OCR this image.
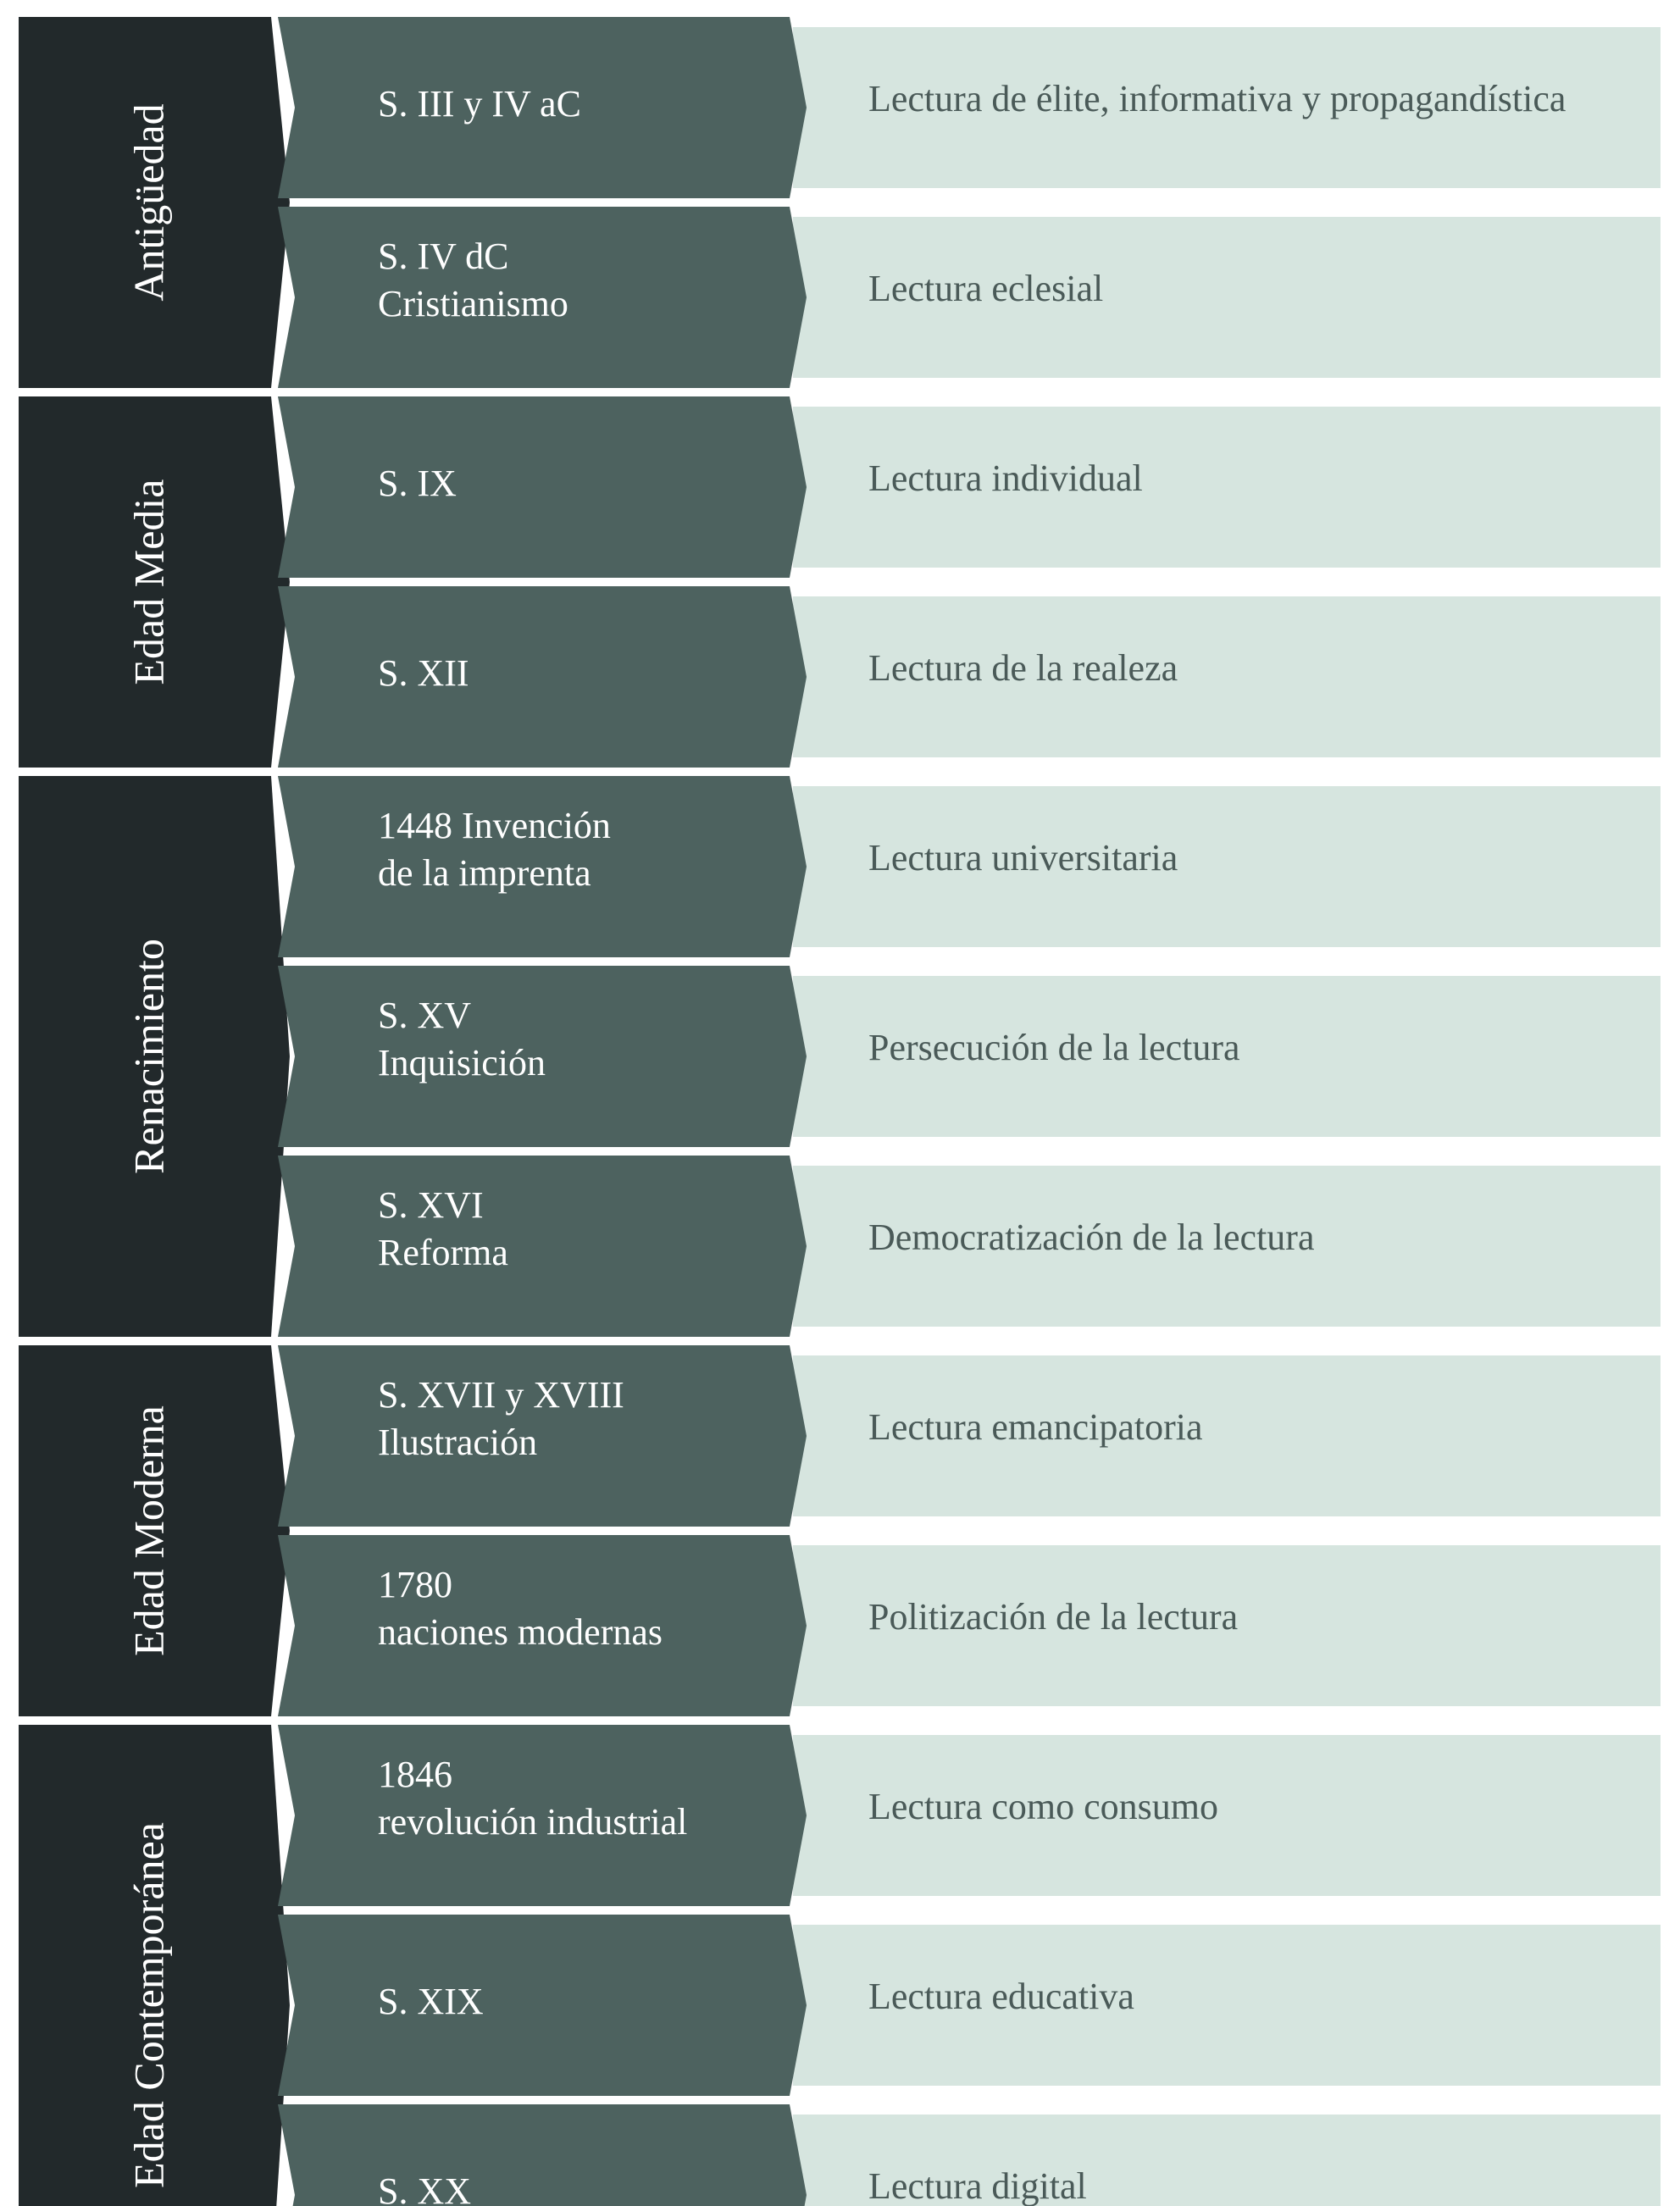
Antigüedad
Edad Media
Renacimiento
Edad Moderna
Edad Contemporánea
Lectura de élite, informativa y propagandística
Lectura eclesial
Lectura individual
Lectura de la realeza
Lectura universitaria
Persecución de la lectura
Democratización de la lectura
Lectura emancipatoria
Politización de la lectura
Lectura como consumo
Lectura educativa
Lectura digital
S. III y IV aC
S. IV dC
Cristianismo
S. IX
S. XII
1448 Invención
de la imprenta
S. XV
Inquisición
S. XVI
Reforma
S. XVII y XVIII
Ilustración
1780
naciones modernas
1846
revolución industrial
S. XIX
S. XX
